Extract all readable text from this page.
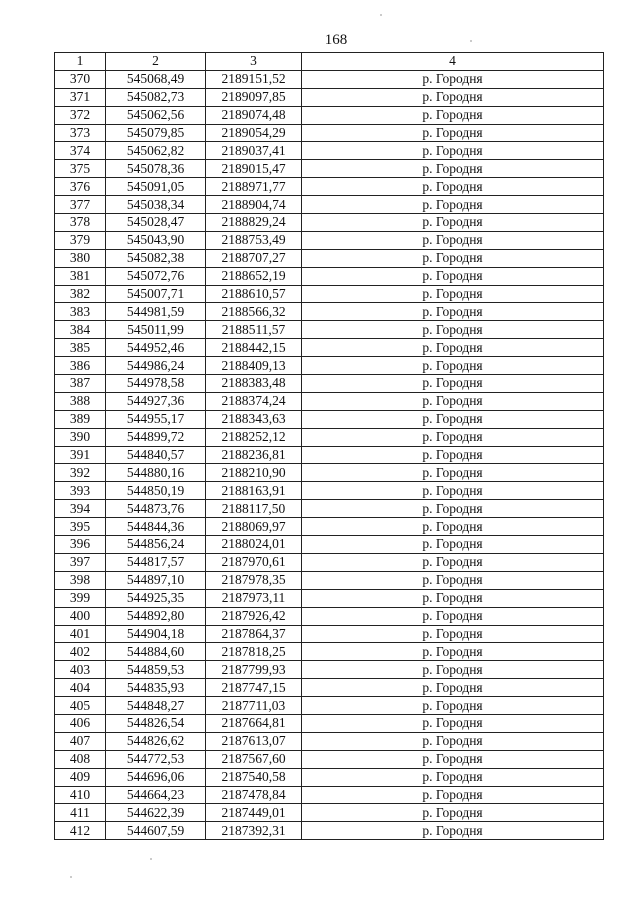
168
1	2	3	4
370	545068,49	2189151,52	р. Городня
371	545082,73	2189097,85	р. Городня
372	545062,56	2189074,48	р. Городня
373	545079,85	2189054,29	р. Городня
374	545062,82	2189037,41	р. Городня
375	545078,36	2189015,47	р. Городня
376	545091,05	2188971,77	р. Городня
377	545038,34	2188904,74	р. Городня
378	545028,47	2188829,24	р. Городня
379	545043,90	2188753,49	р. Городня
380	545082,38	2188707,27	р. Городня
381	545072,76	2188652,19	р. Городня
382	545007,71	2188610,57	р. Городня
383	544981,59	2188566,32	р. Городня
384	545011,99	2188511,57	р. Городня
385	544952,46	2188442,15	р. Городня
386	544986,24	2188409,13	р. Городня
387	544978,58	2188383,48	р. Городня
388	544927,36	2188374,24	р. Городня
389	544955,17	2188343,63	р. Городня
390	544899,72	2188252,12	р. Городня
391	544840,57	2188236,81	р. Городня
392	544880,16	2188210,90	р. Городня
393	544850,19	2188163,91	р. Городня
394	544873,76	2188117,50	р. Городня
395	544844,36	2188069,97	р. Городня
396	544856,24	2188024,01	р. Городня
397	544817,57	2187970,61	р. Городня
398	544897,10	2187978,35	р. Городня
399	544925,35	2187973,11	р. Городня
400	544892,80	2187926,42	р. Городня
401	544904,18	2187864,37	р. Городня
402	544884,60	2187818,25	р. Городня
403	544859,53	2187799,93	р. Городня
404	544835,93	2187747,15	р. Городня
405	544848,27	2187711,03	р. Городня
406	544826,54	2187664,81	р. Городня
407	544826,62	2187613,07	р. Городня
408	544772,53	2187567,60	р. Городня
409	544696,06	2187540,58	р. Городня
410	544664,23	2187478,84	р. Городня
411	544622,39	2187449,01	р. Городня
412	544607,59	2187392,31	р. Городня
